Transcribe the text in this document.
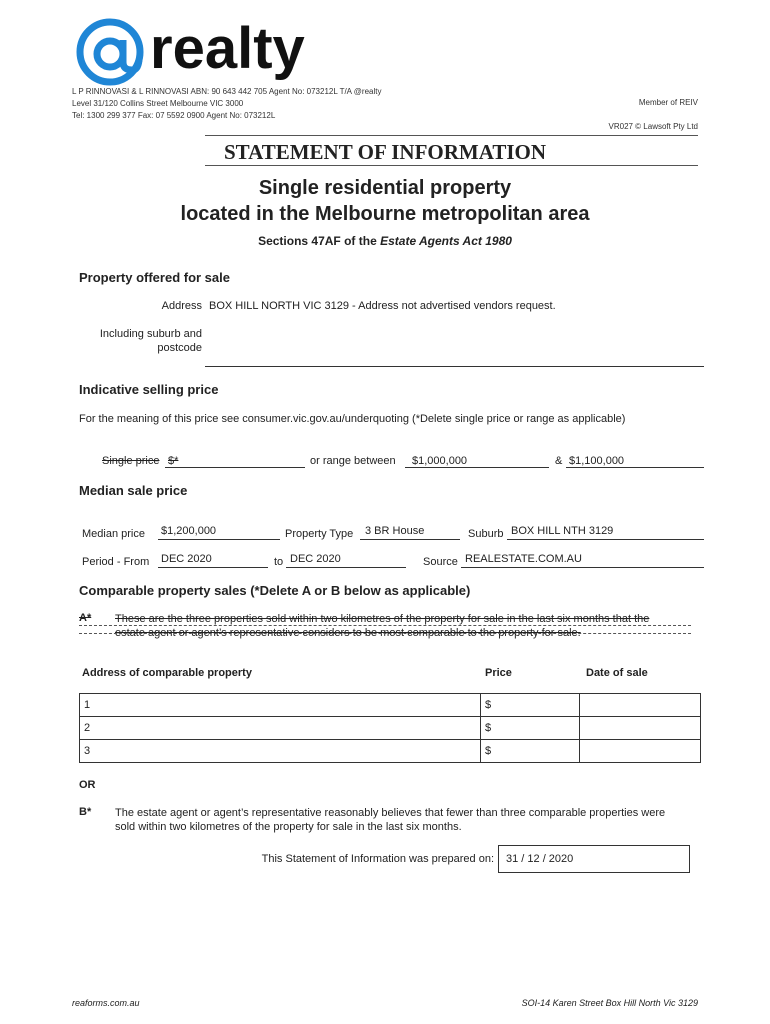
realty
L P RINNOVASI & L RINNOVASI ABN: 90 643 442 705 Agent No: 073212L T/A @realty
Level 31/120 Collins Street Melbourne VIC 3000
Tel: 1300 299 377 Fax: 07 5592 0900 Agent No: 073212L
Member of REIV
VR027 © Lawsoft Pty Ltd
STATEMENT OF INFORMATION
Single residential property
located in the Melbourne metropolitan area
Sections 47AF of the Estate Agents Act 1980
Property offered for sale
Address BOX HILL NORTH VIC 3129 - Address not advertised vendors request.
Including suburb and
postcode
Indicative selling price
For the meaning of this price see consumer.vic.gov.au/underquoting (*Delete single price or range as applicable)
Single price $*	or range between $1,000,000	& $1,100,000
Median sale price
Median price $1,200,000	Property Type 3 BR House	Suburb BOX HILL NTH 3129
Period - From DEC 2020	to DEC 2020	Source REALESTATE.COM.AU
Comparable property sales (*Delete A or B below as applicable)
A* These are the three properties sold within two kilometres of the property for sale in the last six months that the
estate agent or agent’s representative considers to be most comparable to the property for sale.
Address of comparable property	Price	Date of sale
1	$	
2	$	
3	$	
OR
B* The estate agent or agent’s representative reasonably believes that fewer than three comparable properties were
sold within two kilometres of the property for sale in the last six months.
This Statement of Information was prepared on: 31 / 12 / 2020
reaforms.com.au	SOI-14 Karen Street Box Hill North Vic 3129
